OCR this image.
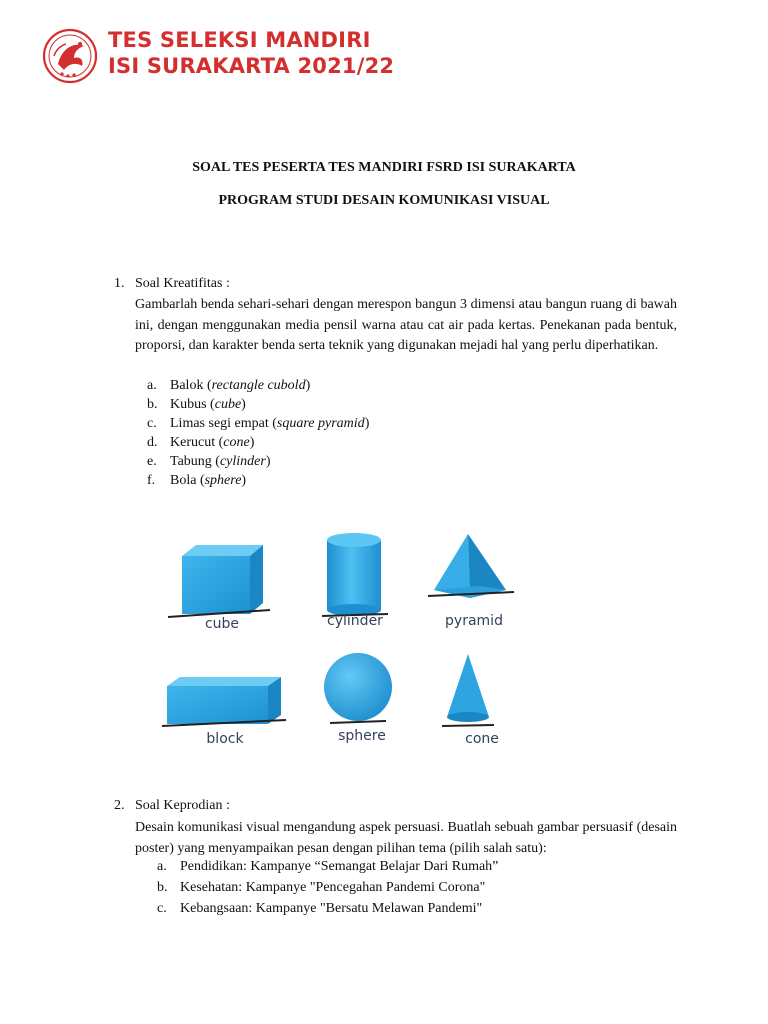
TES SELEKSI MANDIRI
ISI SURAKARTA 2021/22
SOAL TES PESERTA TES MANDIRI FSRD ISI SURAKARTA
PROGRAM STUDI DESAIN KOMUNIKASI VISUAL
1. Soal Kreatifitas :
Gambarlah benda sehari-sehari dengan merespon bangun 3 dimensi atau bangun ruang di bawah ini, dengan menggunakan media pensil warna atau cat air pada kertas. Penekanan pada bentuk, proporsi, dan karakter benda serta teknik yang digunakan mejadi hal yang perlu diperhatikan.
a. Balok (rectangle cubold)
b. Kubus (cube)
c. Limas segi empat (square pyramid)
d. Kerucut (cone)
e. Tabung (cylinder)
f. Bola (sphere)
cube	cylinder	pyramid
block	sphere	cone
2. Soal Keprodian :
Desain komunikasi visual mengandung aspek persuasi. Buatlah sebuah gambar persuasif (desain poster) yang menyampaikan pesan dengan pilihan tema (pilih salah satu):
a. Pendidikan: Kampanye “Semangat Belajar Dari Rumah”
b. Kesehatan: Kampanye "Pencegahan Pandemi Corona"
c. Kebangsaan: Kampanye "Bersatu Melawan Pandemi"
